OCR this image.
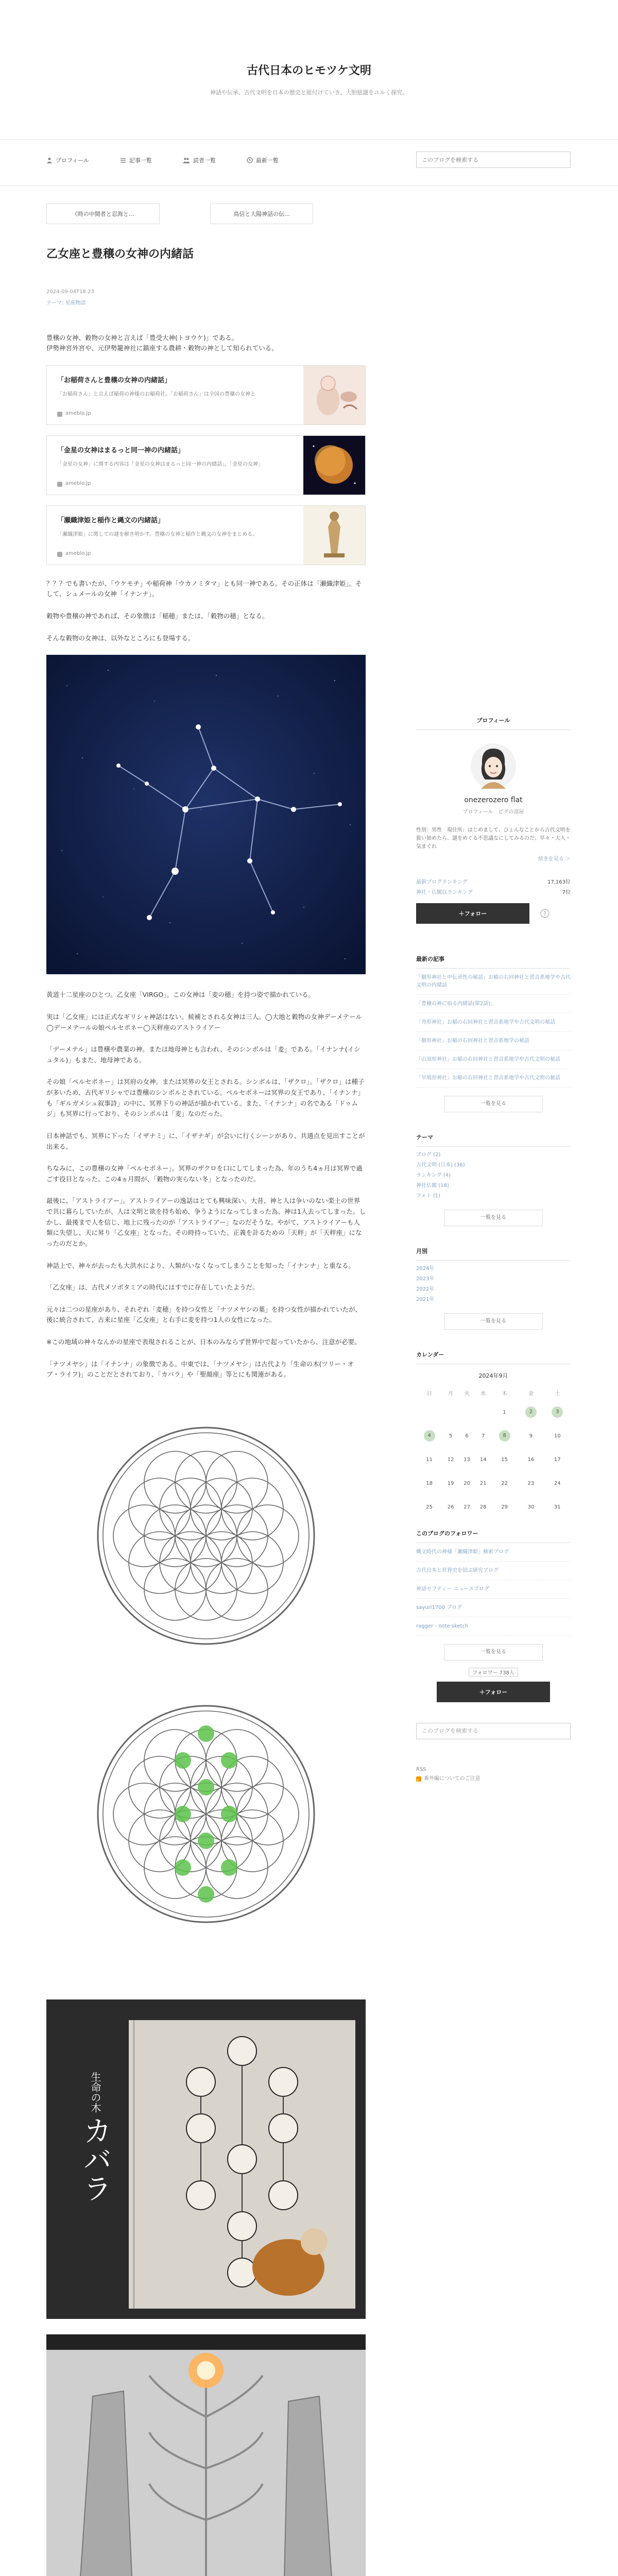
古代日本のヒモツケ文明
神話や伝承、古代文明を日本の歴史と紐付けていき、大胆紐謎をユルく探究。
プロフィール	記事一覧	読者一覧	最新一覧
このブログを検索する
《時の中間者と忍海と...	鳥信と大陽神話の伝...
乙女座と豊穣の女神の内緒話
2024-09-04T18:23
テーマ: 星座物語

豊穣の女神、穀物の女神と言えば「豊受大神(トヨウケ)」である。
伊勢神宮外宮や、元伊勢籠神社に鎮座する農耕・穀物の神として知られている。

「お稲荷さんと豊穣の女神の内緒話」
「お稲荷さん」と言えば稲荷の神様のお稲荷社。「お稲荷さん」は全国の豊穣の女神と
ameblo.jp
「金星の女神はまるっと同一神の内緒話」
「金星の女神」に関する内容は「金星の女神はまるっと同一神の内緒話」。「金星の女神」
ameblo.jp
「瀬織津姫と稲作と縄文の内緒話」
「瀬織津姫」に関しての謎を解き明かす。豊穣の女神と稲作と縄文の女神をまとめる。
ameblo.jp

？？？でも書いたが、「ウケモチ」や稲荷神「ウカノミタマ」とも同一神である。その正体は「瀬織津姫」。そして、シュメールの女神「イナンナ」。

穀物や豊穣の神であれば、その象徴は「稲穂」または、「穀物の穂」となる。

そんな穀物の女神は、以外なところにも登場する。

黄道十二星座のひとつ。乙女座「VIRGO」。この女神は「麦の穂」を持つ姿で描かれている。

実は「乙女座」には正式なギリシャ神話はない。候補とされる女神は三人。◯大地と穀物の女神デーメテール◯デーメテールの娘ペルセポネー◯天秤座のアストライアー

「デーメテル」は豊穣や農業の神。または地母神とも言われ、そのシンボルは「麦」である。「イナンナ(イシュタル)」もまた、地母神である。

その娘「ペルセポネー」は冥府の女神。または冥界の女王とされる。シンボルは、「ザクロ」。「ザクロ」は種子が多いため、古代ギリシャでは豊穣のシンボルとされている。ペルセポネーは冥界の女王であり、「イナンナ」も「ギルガメシュ叙事詩」の中に、冥界下りの神話が描かれている。また、「イナンナ」の名である「ドゥムジ」も冥界に行っており、そのシンボルは「麦」なのだった。

日本神話でも、冥界に下った「イザナミ」に、「イザナギ」が会いに行くシーンがあり、共通点を見出すことが出来る。

ちなみに、この豊穣の女神「ペルセポネー」。冥界のザクロを口にしてしまった為、年のうち4ヵ月は冥界で過ごす役目となった。この4ヵ月間が、「穀物の実らない冬」となったのだ。

最後に、「アストライアー」。アストライアーの逸話はとても興味深い。大昔、神と人は争いのない楽土の世界で共に暮らしていたが、人は文明と欲を持ち始め、争うようになってしまった為、神は1人去ってしまった。しかし、最後まで人を信じ、地上に残ったのが「アストライアー」なのだそうな。やがて、アストライアーも人類に失望し、天に昇り「乙女座」となった。その時持っていた、正義を計るための「天秤」が「天秤座」になったのだとか。

神話上で、神々が去ったも大洪水により、人類がいなくなってしまうことを知った「イナンナ」と重なる。

「乙女座」は、古代メソポタミアの時代にはすでに存在していたようだ。

元々は二つの星座があり、それぞれ「麦穂」を持つ女性と「ナツメヤシの葉」を持つ女性が描かれていたが、後に統合されて、古来に星座「乙女座」と右手に麦を持つ1人の女性になった。

※この地域の神々なんかの星座で表現されることが、日本のみならず世界中で起っていたから、注意が必要。

「ナツメヤシ」は「イナンナ」の象徴である。中東では、「ナツメヤシ」は古代より「生命の木(ツリー・オブ・ライフ)」のことだとされており、「カバラ」や「聖顔座」等とにも関連がある。

生命の木
カバラ
プロフィール
onezerozero flat
プロフィール　ピグの部屋
性別：男性　現住所：はじめまして、ひょんなことから古代文明を扱い始めたら、謎をめぐる不思議なにしてみるのだ。早々・大人・気まぐれ
続きを見る ＞
最新プログランキング	17,163位
神社・仏閣以ランキング	7位
＋フォロー	?
最新の記事
「樹形神社と申伝承性の秘話」お稲の右回神社と習音系地学や古代文明の内緒話
「豊穣の神に宿る内緒話(第2話)」
「舟形神社」お稲の右回神社と習音系地学や古代文明の秘話
「樹形神社」お稲の右回神社と習音系地学の秘話
「山須形神社」お稲の右回神社と習音系地学や古代文明の秘話
「早鳩形神社」お稲の右回神社と習音系地学や古代文明の秘話
一覧を見る
テーマ
ブログ (2)
古代文明 (日本) (36)
ランキング (4)
神社仏閣 (18)
フォト (1)
一覧を見る
月別
2024年
2023年
2022年
2021年
一覧を見る
カレンダー
2024年9月
日	月	火	水	木	金	土
				1	2	3
4	5	6	7	8	9	10
11	12	13	14	15	16	17
18	19	20	21	22	23	24
25	26	27	28	29	30	31
このブログのフォロワー
縄文時代の神様「瀬織津姫」検索ブログ
古代日本と世界史を結ぶ研究ブログ
神話セフティー ニュースブログ
sayuri1700 ブログ
ragger - note sketch
一覧を見る
フォロワー 738人
＋フォロー
このブログを検索する
RSS
番外編についてのご注意
